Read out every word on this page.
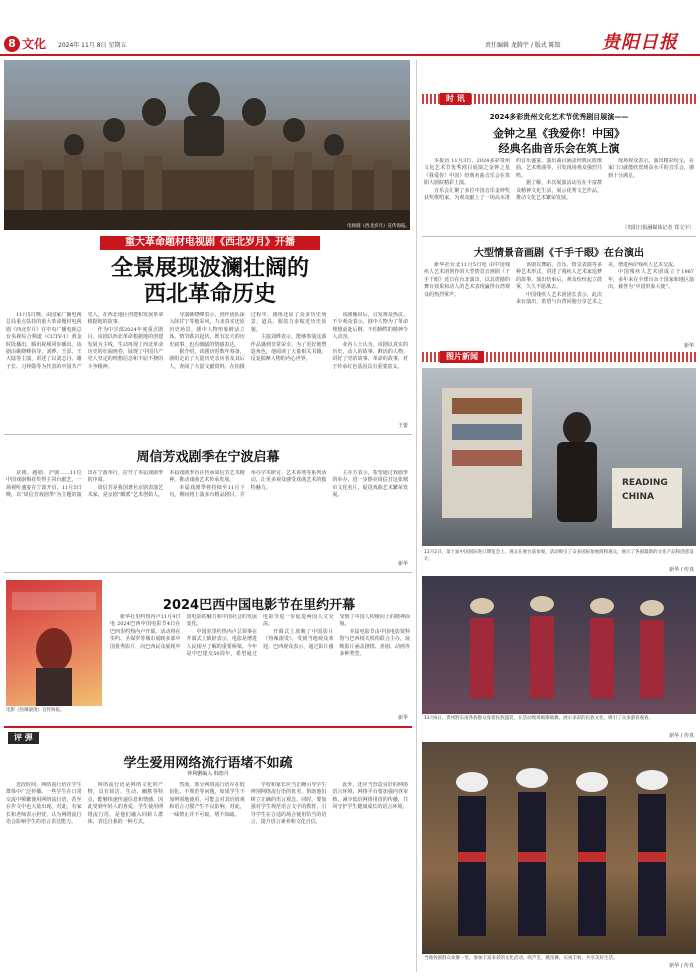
8 文化 2024年 11月 8日 星期五	责任编辑 龙腾宇 / 版式 陈铭 贵阳日报
电视剧《西北岁月》宣传海报。
重大革命题材电视剧《西北岁月》开播
全景展现波澜壮阔的
西北革命历史

11月5日晚，由国家广播电视总局重点扶持的重大革命题材电视剧《西北岁月》在中央广播电视总台央视综合频道（CCTV-1）黄金时段播出，腾讯视频同步播出。该剧由姚晓峰执导，刘烨、王雷、王大陆等主演，讲述了以刘志丹、谢子长、习仲勋等为代表的中国共产党人，在西北地区创建和发展革命根据地的故事。

作为中宣部2024年度重点剧目，该剧以西北革命根据地的创建发展为主线，生动再现了西北革命历史的壮阔画卷，展现了中国共产党人坚定的理想信念和不屈不挠的斗争精神。

导演姚晓峰表示，创作团队深入陕甘宁等地采风，力求真实还原历史场景。剧中人物形象鲜活立体，情节跌宕起伏，既有宏大的历史叙事，也有细腻的情感表达。

据介绍，该剧历时数年筹备，剧组走访了大量历史亲历者及其后人，查阅了大量文献资料。在拍摄过程中，剧组还原了众多历史场景，道具、服装力求贴近历史原貌。

主演刘烨表示，能够参演这部作品感到非常荣幸。为了更好地塑造角色，他阅读了大量相关书籍，反复揣摩人物的内心世界。

该剧播出后，引发观众热议。不少观众表示，剧中人物为了革命理想前赴后继、不怕牺牲的精神令人动容。

业内人士认为，该剧以真实的历史、动人的故事、鲜活的人物，讲好了党的故事、革命的故事，对于传承红色基因具有重要意义。

王蕾
周信芳戏剧季在宁波启幕

京剧、越剧、沪剧……11位中国戏剧梅花奖得主同台献艺，一场视听盛宴在宁波开启。11月5日晚，以“周信芳戏剧季”为主题的演出在宁波举行，拉开了本届戏剧季的序幕。

周信芳是我国著名京剧表演艺术家，是京剧“麒派”艺术创始人。本届戏剧季旨在传承周信芳艺术精神，推动戏曲艺术传承发展。

本届戏剧季将持续至11月下旬，期间将上演多台精品剧目，并举办学术研讨、艺术讲座等系列活动，让更多观众感受戏曲艺术的独特魅力。

主办方表示，希望通过戏剧季的举办，进一步擦亮周信芳这张城市文化名片，促进戏曲艺术繁荣发展。

新华
电影《热辣滚烫》宣传海报。
2024巴西中国电影节在里约开幕

新华社里约热内卢11月4日电 2024巴西中国电影节4日在巴西里约热内卢开幕。活动将在里约、圣保罗等城市展映多部中国优秀影片，向巴西民众展现中国电影的魅力和中国社会的发展变化。

中国驻里约热内卢总领事在开幕式上致辞表示，电影是增进人民相互了解的重要桥梁。今年是中巴建交50周年，希望通过电影节进一步促进两国人文交流。

开幕式上放映了中国影片《热辣滚烫》，受到当地观众欢迎。巴西观众表示，通过影片感受到了中国人积极向上的精神面貌。

本届电影节由中国电影资料馆与巴西相关机构联合主办，展映影片涵盖剧情、喜剧、动画等多种类型。

新华
评 弹
学生爱用网络流行语堵不如疏
钟利鹏编入 韩德丹

近段时间，网络流行语在学生群体中广泛传播。一些学生在日常交流中频繁使用网络流行语，甚至在作文中也大量出现。对此，有家长和老师表示担忧，认为网络流行语会影响学生的语言表达能力。

网络流行语是网络文化的产物，具有简洁、生动、幽默等特点，能够快速传递信息和情感，因此受到年轻人的喜爱。学生使用网络流行语，是他们融入同龄人群体、表达自我的一种方式。

然而，部分网络流行语存在低俗化、不规范等问题，如果学生不加辨别地使用，可能会对其价值观和语言习惯产生不良影响。对此，一味禁止并不可取，堵不如疏。

学校和家长应当正确引导学生辨别网络流行语的优劣，帮助他们树立正确的语言观念。同时，要加强对学生规范语言文字的教育，引导学生在合适的场合使用恰当的语言，提升语言素养和文化自信。

此外，还应当营造良好的网络语言环境，网络平台要加强内容审核，减少低俗网络用语的传播，共同守护学生健康成长的语言环境。

时 讯
2024多彩贵州文化艺术节优秀剧目展演——
金钟之星《我爱你！中国》
经典名曲音乐会在筑上演

本报讯 11月3日，2024多彩贵州文化艺术节优秀剧目展演之金钟之星《我爱你！中国》经典名曲音乐会在贵阳大剧院精彩上演。

音乐会汇聚了多位中国音乐金钟奖获奖歌唱家，为观众献上了一场高水准的音乐盛宴。演出曲目涵盖经典民族歌曲、艺术歌曲等，引发现场观众强烈共鸣。

据了解，本次展演活动旨在丰富群众精神文化生活，展示优秀文艺作品，推动文化艺术繁荣发展。

现场观众表示，演出精彩纷呈，在家门口就能欣赏到高水平的音乐会，感到十分满足。

（贵阳日报融媒体记者 郑文宇）
大型情景音画剧《千手千眼》在台演出

新华社台北11月5日电 由中国残疾人艺术团创作的大型情景音画剧《千手千眼》近日在台北演出，以其震撼的舞台效果和动人的艺术表现赢得台湾观众的热烈掌声。

该剧以舞蹈、音乐、情景表演等多种艺术形式，讲述了残疾人艺术家追梦的故事。演出结束后，观众纷纷起立鼓掌，久久不愿离去。

中国残疾人艺术团团长表示，此次来台演出，希望与台湾同胞分享艺术之美，增进两岸残疾人艺术交流。

中国残疾人艺术团成立于1987年，多年来在全球百余个国家和地区演出，被誉为“中国形象大使”。

新华
图片新闻
READING
CHINA
11月2日，第十届中国国际进口博览会上，观众在展台前参观。活动吸引了众多国际参展商和观众，展示了各国最新的文化产品和创意设计。
新华 / 传真
11月6日，贵州黔东南各族群众身着民族盛装，在活动现场载歌载舞，展示多彩的民族文化，吸引了众多游客观看。
新华 / 传真
当地各族群众欢聚一堂，参加丰富多彩的文化活动，吹芦笙、跳苗舞，庆祝丰收，共享美好生活。
新华 / 传真
